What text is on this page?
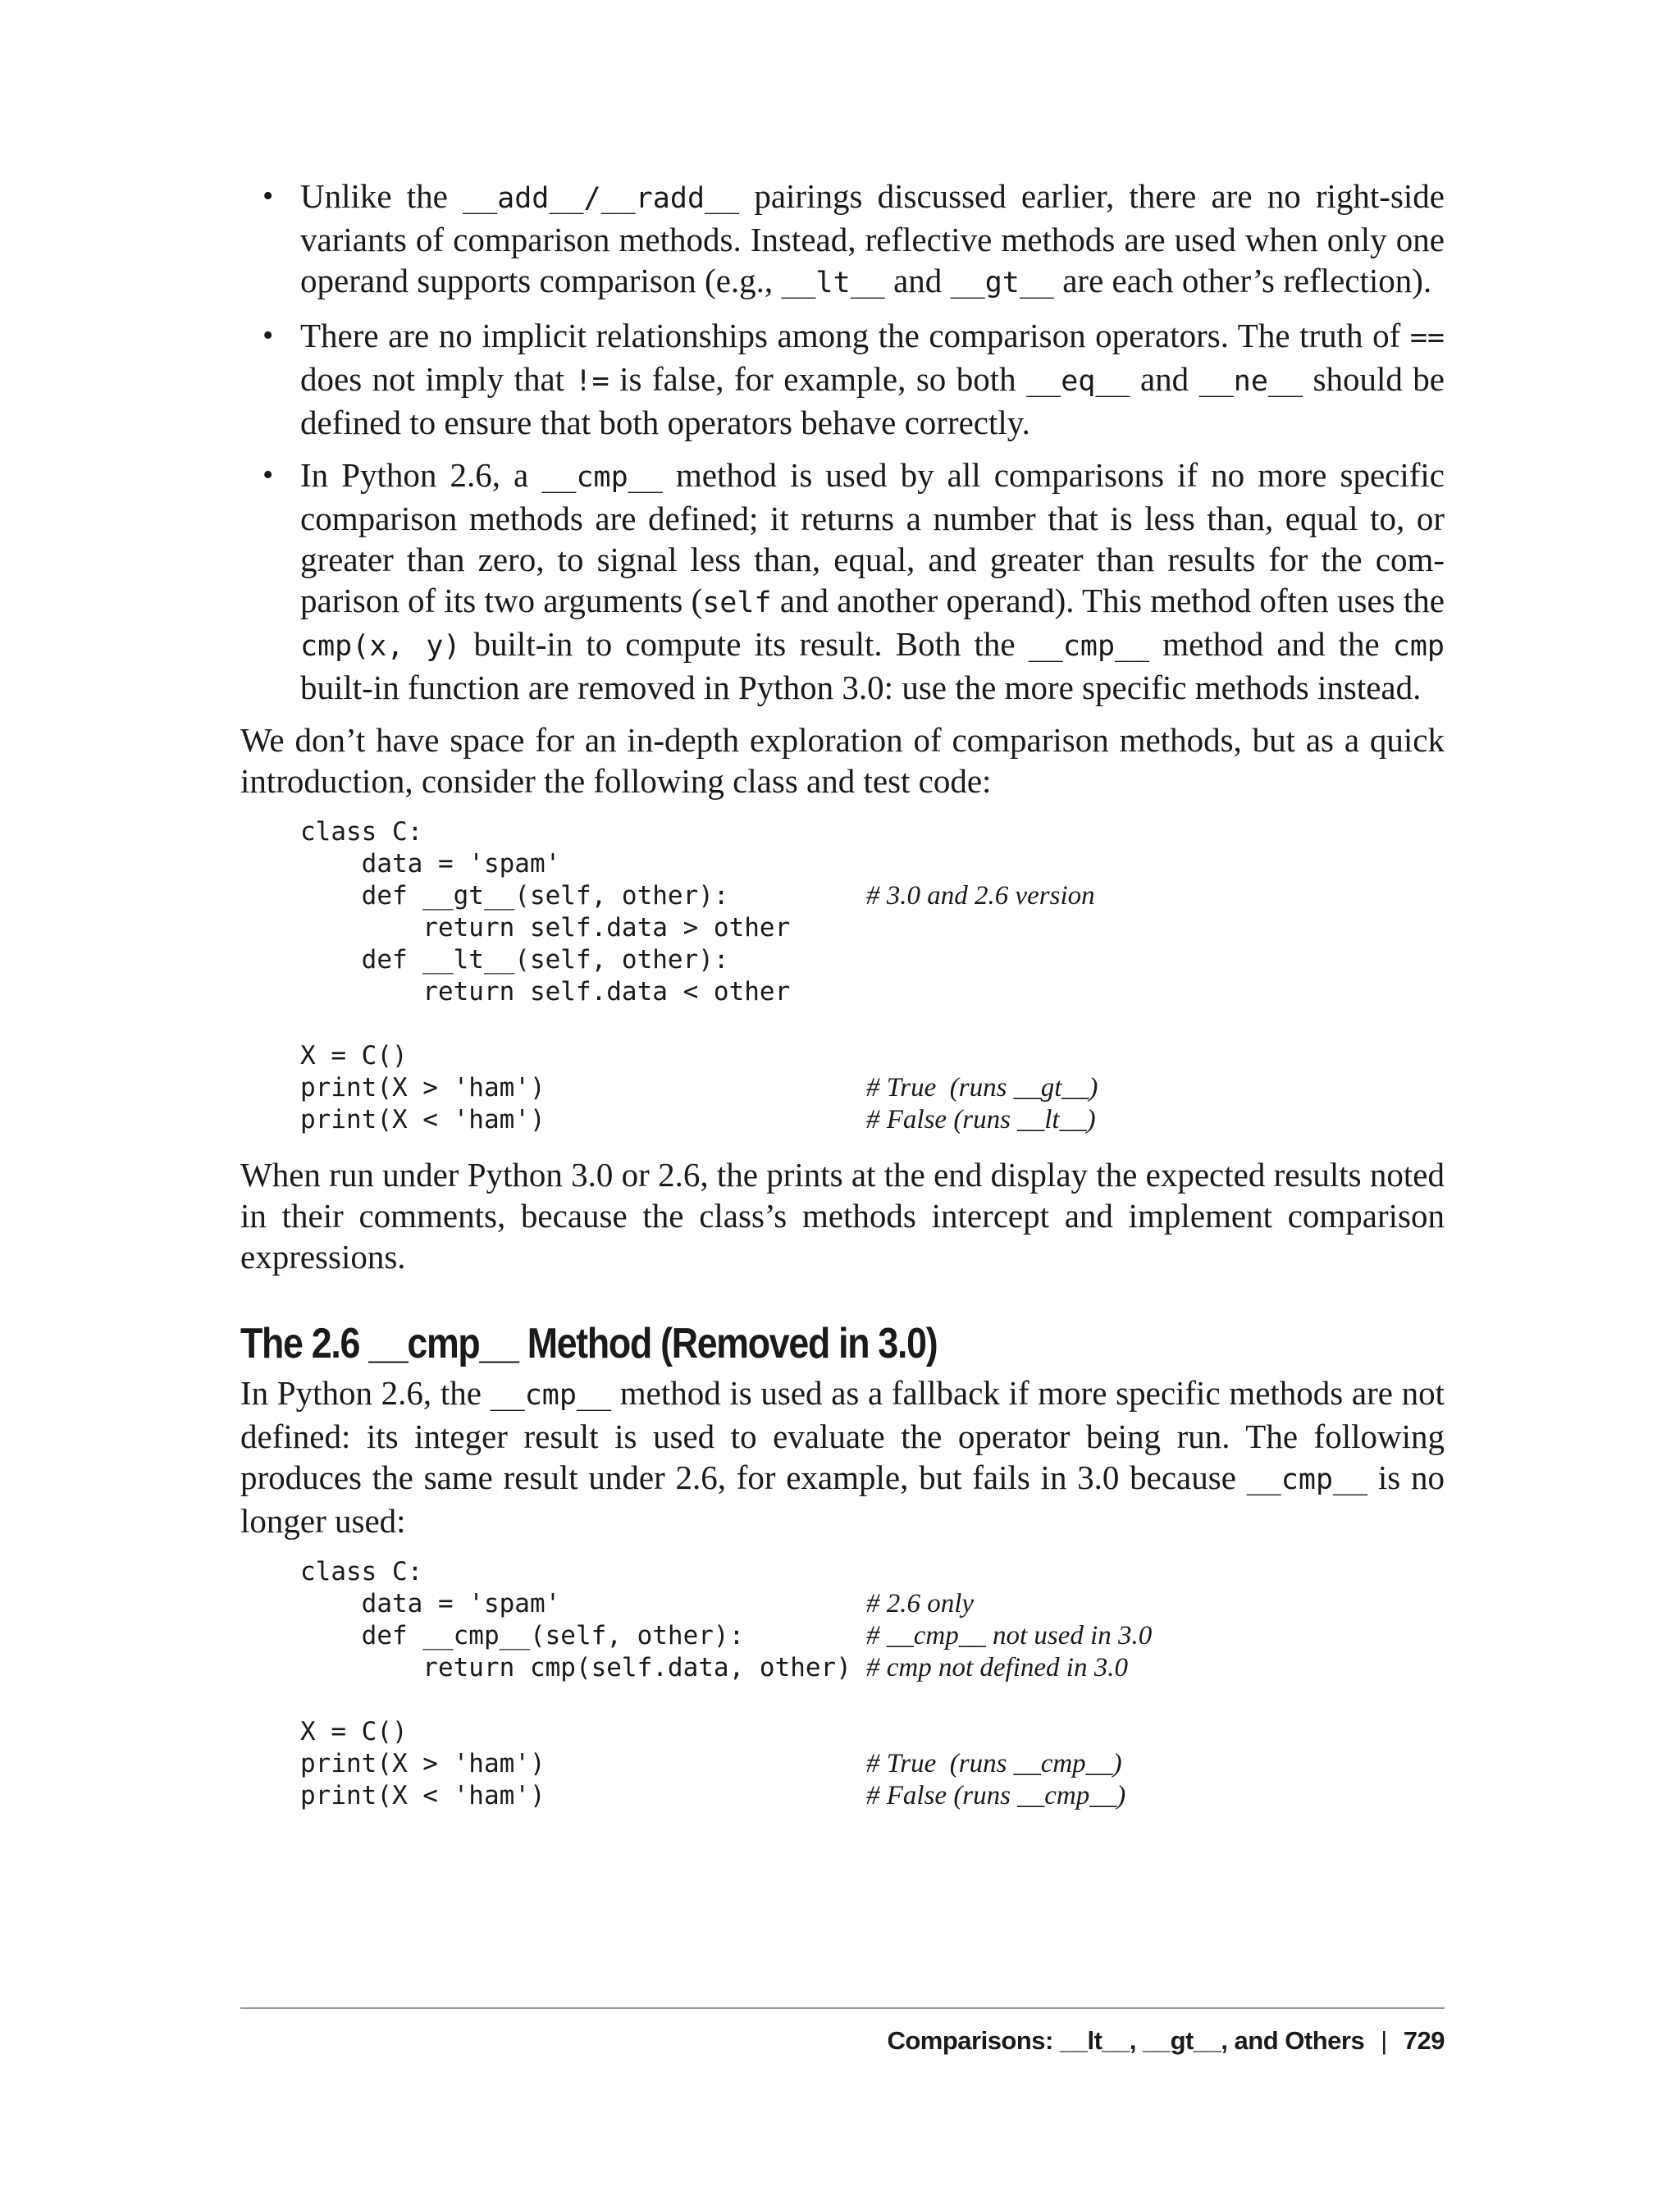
• Unlike the __add__/__radd__ pairings discussed earlier, there are no right-side variants of comparison methods. Instead, reflective methods are used when only one operand supports comparison (e.g., __lt__ and __gt__ are each other’s reflection).
• There are no implicit relationships among the comparison operators. The truth of == does not imply that != is false, for example, so both __eq__ and __ne__ should be defined to ensure that both operators behave correctly.
• In Python 2.6, a __cmp__ method is used by all comparisons if no more specific comparison methods are defined; it returns a number that is less than, equal to, or greater than zero, to signal less than, equal, and greater than results for the comparison of its two arguments (self and another operand). This method often uses the cmp(x, y) built-in to compute its result. Both the __cmp__ method and the cmp built-in function are removed in Python 3.0: use the more specific methods instead.

We don’t have space for an in-depth exploration of comparison methods, but as a quick introduction, consider the following class and test code:

class C:
data = 'spam'
def __gt__(self, other):	# 3.0 and 2.6 version
return self.data > other
def __lt__(self, other):
return self.data < other
X = C()
print(X > 'ham')	# True  (runs __gt__)
print(X < 'ham')	# False (runs __lt__)

When run under Python 3.0 or 2.6, the prints at the end display the expected results noted in their comments, because the class’s methods intercept and implement comparison expressions.

The 2.6 __cmp__ Method (Removed in 3.0)

In Python 2.6, the __cmp__ method is used as a fallback if more specific methods are not defined: its integer result is used to evaluate the operator being run. The following produces the same result under 2.6, for example, but fails in 3.0 because __cmp__ is no longer used:

class C:
data = 'spam'	# 2.6 only
def __cmp__(self, other):	# __cmp__ not used in 3.0
return cmp(self.data, other) # cmp not defined in 3.0
X = C()
print(X > 'ham')	# True  (runs __cmp__)
print(X < 'ham')	# False (runs __cmp__)
Comparisons: __lt__, __gt__, and Others | 729
